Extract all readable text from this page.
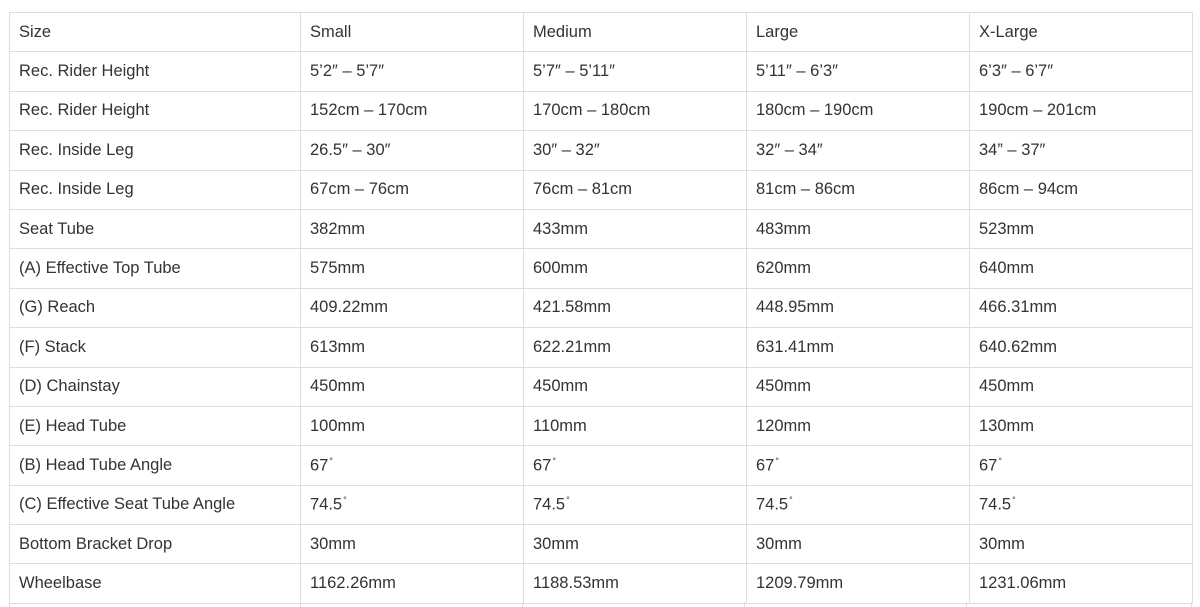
Size	Small	Medium	Large	X-Large
Rec. Rider Height	5’2″ – 5’7″	5’7″ – 5’11″	5’11″ – 6’3″	6’3″ – 6’7″
Rec. Rider Height	152cm – 170cm	170cm – 180cm	180cm – 190cm	190cm – 201cm
Rec. Inside Leg	26.5″ – 30″	30″ – 32″	32″ – 34″	34” – 37″
Rec. Inside Leg	67cm – 76cm	76cm – 81cm	81cm – 86cm	86cm – 94cm
Seat Tube	382mm	433mm	483mm	523mm
(A) Effective Top Tube	575mm	600mm	620mm	640mm
(G) Reach	409.22mm	421.58mm	448.95mm	466.31mm
(F) Stack	613mm	622.21mm	631.41mm	640.62mm
(D) Chainstay	450mm	450mm	450mm	450mm
(E) Head Tube	100mm	110mm	120mm	130mm
(B) Head Tube Angle	67°	67°	67°	67°
(C) Effective Seat Tube Angle	74.5°	74.5°	74.5°	74.5°
Bottom Bracket Drop	30mm	30mm	30mm	30mm
Wheelbase	1162.26mm	1188.53mm	1209.79mm	1231.06mm
